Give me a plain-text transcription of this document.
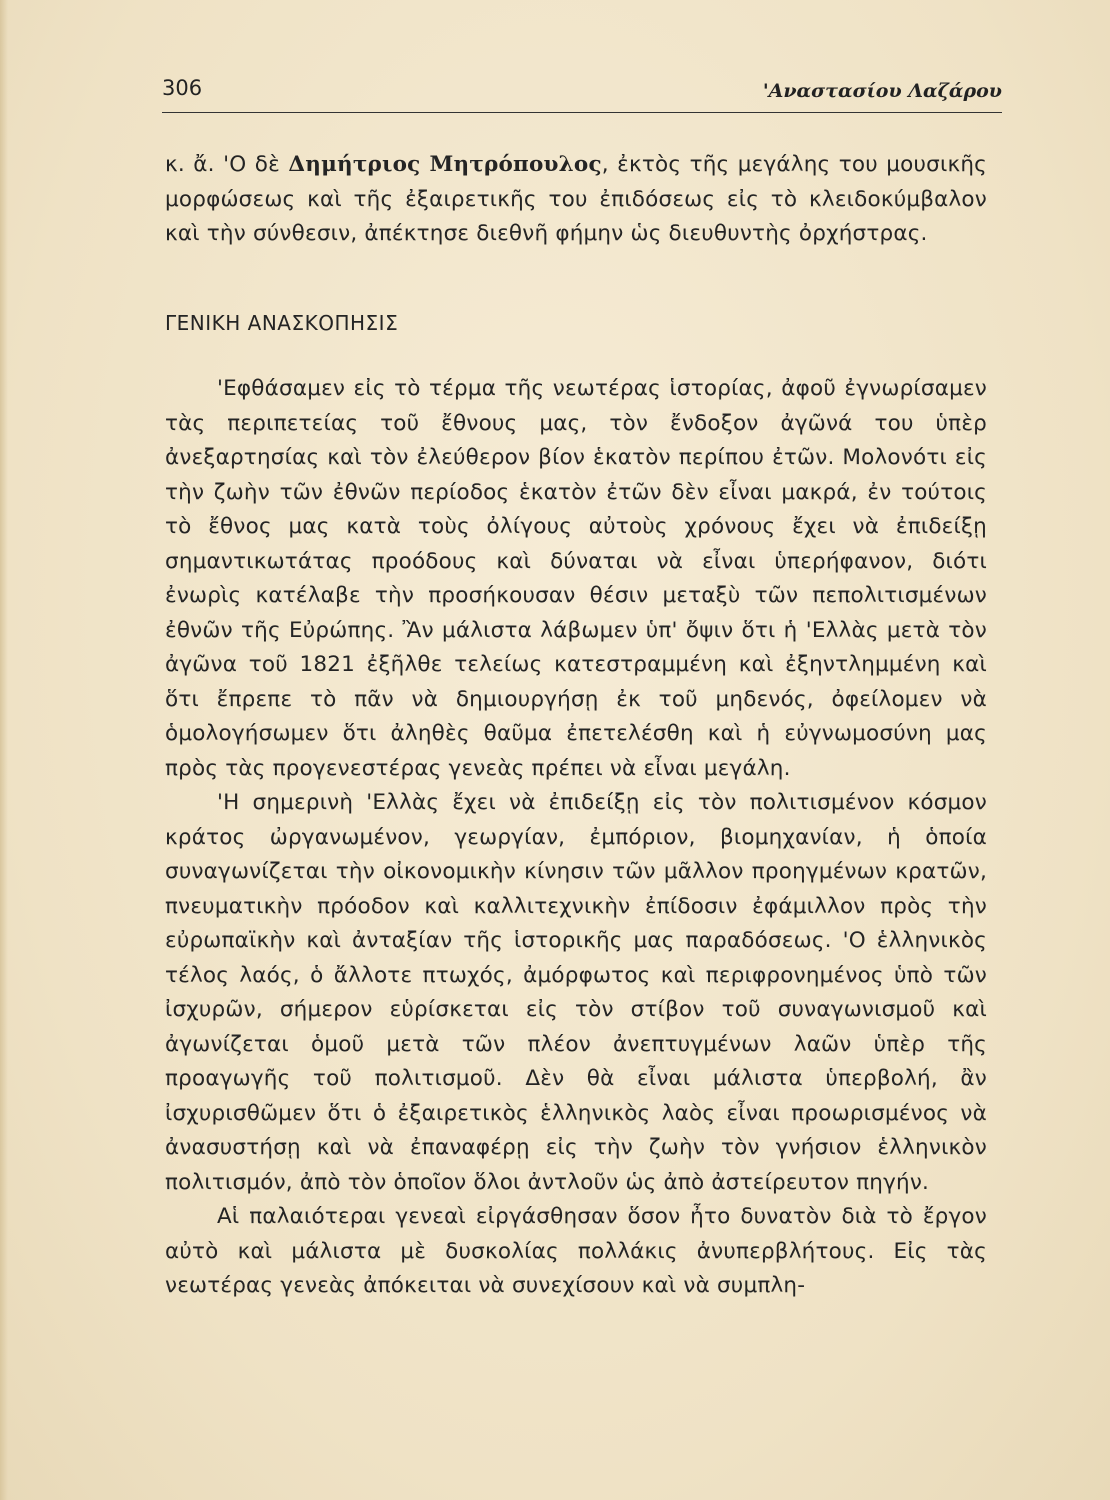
306	'Αναστασίου Λαζάρου

κ. ἄ. 'Ο δὲ Δημήτριος Μητρόπουλος, ἐκτὸς τῆς μεγάλης του μουσικῆς μορφώσεως καὶ τῆς ἐξαιρετικῆς του ἐπιδόσεως εἰς τὸ κλειδοκύμβαλον καὶ τὴν σύνθεσιν, ἀπέκτησε διεθνῆ φήμην ὡς διευθυντὴς ὀρχήστρας.

ΓΕΝΙΚΗ ΑΝΑΣΚΟΠΗΣΙΣ

'Εφθάσαμεν εἰς τὸ τέρμα τῆς νεωτέρας ἱστορίας, ἀφοῦ ἐγνωρίσαμεν τὰς περιπετείας τοῦ ἔθνους μας, τὸν ἔνδοξον ἀγῶνά του ὑπὲρ ἀνεξαρτησίας καὶ τὸν ἐλεύθερον βίον ἑκατὸν περίπου ἐτῶν. Μολονότι εἰς τὴν ζωὴν τῶν ἐθνῶν περίοδος ἑκατὸν ἐτῶν δὲν εἶναι μακρά, ἐν τούτοις τὸ ἔθνος μας κατὰ τοὺς ὀλίγους αὐτοὺς χρόνους ἔχει νὰ ἐπιδείξῃ σημαντικωτάτας προόδους καὶ δύναται νὰ εἶναι ὑπερήφανον, διότι ἐνωρὶς κατέλαβε τὴν προσήκουσαν θέσιν μεταξὺ τῶν πεπολιτισμένων ἐθνῶν τῆς Εὐρώπης. Ἂν μάλιστα λάβωμεν ὑπ' ὄψιν ὅτι ἡ 'Ελλὰς μετὰ τὸν ἀγῶνα τοῦ 1821 ἐξῆλθε τελείως κατεστραμμένη καὶ ἐξηντλημμένη καὶ ὅτι ἔπρεπε τὸ πᾶν νὰ δημιουργήσῃ ἐκ τοῦ μηδενός, ὀφείλομεν νὰ ὁμολογήσωμεν ὅτι ἀληθὲς θαῦμα ἐπετελέσθη καὶ ἡ εὐγνωμοσύνη μας πρὸς τὰς προγενεστέρας γενεὰς πρέπει νὰ εἶναι μεγάλη.

'Η σημερινὴ 'Ελλὰς ἔχει νὰ ἐπιδείξῃ εἰς τὸν πολιτισμένον κόσμον κράτος ὠργανωμένον, γεωργίαν, ἐμπόριον, βιομηχανίαν, ἡ ὁποία συναγωνίζεται τὴν οἰκονομικὴν κίνησιν τῶν μᾶλλον προηγμένων κρατῶν, πνευματικὴν πρόοδον καὶ καλλιτεχνικὴν ἐπίδοσιν ἐφάμιλλον πρὸς τὴν εὐρωπαϊκὴν καὶ ἀνταξίαν τῆς ἱστορικῆς μας παραδόσεως. 'Ο ἑλληνικὸς τέλος λαός, ὁ ἄλλοτε πτωχός, ἀμόρφωτος καὶ περιφρονημένος ὑπὸ τῶν ἰσχυρῶν, σήμερον εὑρίσκεται εἰς τὸν στίβον τοῦ συναγωνισμοῦ καὶ ἀγωνίζεται ὁμοῦ μετὰ τῶν πλέον ἀνεπτυγμένων λαῶν ὑπὲρ τῆς προαγωγῆς τοῦ πολιτισμοῦ. Δὲν θὰ εἶναι μάλιστα ὑπερβολή, ἂν ἰσχυρισθῶμεν ὅτι ὁ ἐξαιρετικὸς ἑλληνικὸς λαὸς εἶναι προωρισμένος νὰ ἀνασυστήσῃ καὶ νὰ ἐπαναφέρῃ εἰς τὴν ζωὴν τὸν γνήσιον ἑλληνικὸν πολιτισμόν, ἀπὸ τὸν ὁποῖον ὅλοι ἀντλοῦν ὡς ἀπὸ ἀστείρευτον πηγήν.

Αἱ παλαιότεραι γενεαὶ εἰργάσθησαν ὅσον ἦτο δυνατὸν διὰ τὸ ἔργον αὐτὸ καὶ μάλιστα μὲ δυσκολίας πολλάκις ἀνυπερβλήτους. Εἰς τὰς νεωτέρας γενεὰς ἀπόκειται νὰ συνεχίσουν καὶ νὰ συμπλη-
